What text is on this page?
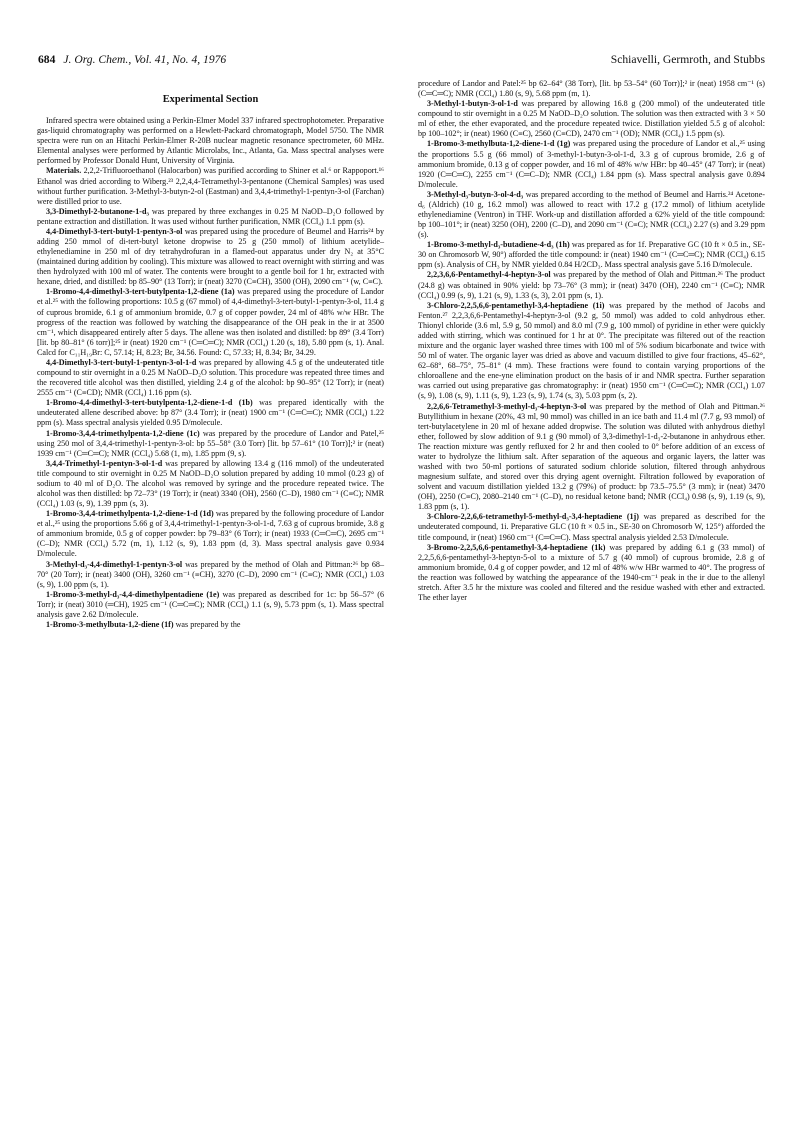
684 J. Org. Chem., Vol. 41, No. 4, 1976	Schiavelli, Germroth, and Stubbs
Experimental Section

Infrared spectra were obtained using a Perkin-Elmer Model 337 infrared spectrophotometer. Preparative gas-liquid chromatography was performed on a Hewlett-Packard chromatograph, Model 5750. The NMR spectra were run on an Hitachi Perkin-Elmer R-20B nuclear magnetic resonance spectrometer, 60 MHz. Elemental analyses were performed by Atlantic Microlabs, Inc., Atlanta, Ga. Mass spectral analyses were performed by Professor Donald Hunt, University of Virginia.

Materials. 2,2,2-Trifluoroethanol (Halocarbon) was purified according to Shiner et al.⁶ or Rappoport.¹⁶ Ethanol was dried according to Wiberg.²³ 2,2,4,4-Tetramethyl-3-pentanone (Chemical Samples) was used without further purification. 3-Methyl-3-butyn-2-ol (Eastman) and 3,4,4-trimethyl-1-pentyn-3-ol (Farchan) were distilled prior to use.

3,3-Dimethyl-2-butanone-1-d₃ was prepared by three exchanges in 0.25 M NaOD–D₂O followed by pentane extraction and distillation. It was used without further purification, NMR (CCl₄) 1.1 ppm (s).

4,4-Dimethyl-3-tert-butyl-1-pentyn-3-ol was prepared using the procedure of Beumel and Harris²⁴ by adding 250 mmol of di-tert-butyl ketone dropwise to 25 g (250 mmol) of lithium acetylide–ethylenediamine in 250 ml of dry tetrahydrofuran in a flamed-out apparatus under dry N₂ at 35°C (maintained during addition by cooling). This mixture was allowed to react overnight with stirring and was then hydrolyzed with 100 ml of water. The contents were brought to a gentle boil for 1 hr, extracted with hexane, dried, and distilled: bp 85–90° (13 Torr); ir (neat) 3270 (C≡CH), 3500 (OH), 2090 cm⁻¹ (w, C≡C).

1-Bromo-4,4-dimethyl-3-tert-butylpenta-1,2-diene (1a) was prepared using the procedure of Landor et al.²⁵ with the following proportions: 10.5 g (67 mmol) of 4,4-dimethyl-3-tert-butyl-1-pentyn-3-ol, 11.4 g of cuprous bromide, 6.1 g of ammonium bromide, 0.7 g of copper powder, 24 ml of 48% w/w HBr. The progress of the reaction was followed by watching the disappearance of the OH peak in the ir at 3500 cm⁻¹, which disappeared entirely after 5 days. The allene was then isolated and distilled: bp 89° (3.4 Torr) [lit. bp 80–81° (6 torr)];²⁵ ir (neat) 1920 cm⁻¹ (C═C═C); NMR (CCl₄) 1.20 (s, 18), 5.80 ppm (s, 1). Anal. Calcd for C₁₁H₁₉Br: C, 57.14; H, 8.23; Br, 34.56. Found: C, 57.33; H, 8.34; Br, 34.29.

4,4-Dimethyl-3-tert-butyl-1-pentyn-3-ol-1-d was prepared by allowing 4.5 g of the undeuterated title compound to stir overnight in a 0.25 M NaOD–D₂O solution. This procedure was repeated three times and the recovered title alcohol was then distilled, yielding 2.4 g of the alcohol: bp 90–95° (12 Torr); ir (neat) 2555 cm⁻¹ (C≡CD); NMR (CCl₄) 1.16 ppm (s).

1-Bromo-4,4-dimethyl-3-tert-butylpenta-1,2-diene-1-d (1b) was prepared identically with the undeuterated allene described above: bp 87° (3.4 Torr); ir (neat) 1900 cm⁻¹ (C═C═C); NMR (CCl₄) 1.22 ppm (s). Mass spectral analysis yielded 0.95 D/molecule.

1-Bromo-3,4,4-trimethylpenta-1,2-diene (1c) was prepared by the procedure of Landor and Patel,²⁵ using 250 mol of 3,4,4-trimethyl-1-pentyn-3-ol: bp 55–58° (3.0 Torr) [lit. bp 57–61° (10 Torr)];² ir (neat) 1939 cm⁻¹ (C═C═C); NMR (CCl₄) 5.68 (1, m), 1.85 ppm (9, s).

3,4,4-Trimethyl-1-pentyn-3-ol-1-d was prepared by allowing 13.4 g (116 mmol) of the undeuterated title compound to stir overnight in 0.25 M NaOD–D₂O solution prepared by adding 10 mmol (0.23 g) of sodium to 40 ml of D₂O. The alcohol was removed by syringe and the procedure repeated twice. The alcohol was then distilled: bp 72–73° (19 Torr); ir (neat) 3340 (OH), 2560 (C–D), 1980 cm⁻¹ (C≡C); NMR (CCl₄) 1.03 (s, 9), 1.39 ppm (s, 3).

1-Bromo-3,4,4-trimethylpenta-1,2-diene-1-d (1d) was prepared by the following procedure of Landor et al.,²⁵ using the proportions 5.66 g of 3,4,4-trimethyl-1-pentyn-3-ol-1-d, 7.63 g of cuprous bromide, 3.8 g of ammonium bromide, 0.5 g of copper powder: bp 79–83° (6 Torr); ir (neat) 1933 (C═C═C), 2695 cm⁻¹ (C–D); NMR (CCl₄) 5.72 (m, 1), 1.12 (s, 9), 1.83 ppm (d, 3). Mass spectral analysis gave 0.934 D/molecule.

3-Methyl-d₃-4,4-dimethyl-1-pentyn-3-ol was prepared by the method of Olah and Pittman:²⁶ bp 68–70° (20 Torr); ir (neat) 3400 (OH), 3260 cm⁻¹ (≡CH), 3270 (C–D), 2090 cm⁻¹ (C≡C); NMR (CCl₄) 1.03 (s, 9), 1.00 ppm (s, 1).

1-Bromo-3-methyl-d₃-4,4-dimethylpentadiene (1e) was prepared as described for 1c: bp 56–57° (6 Torr); ir (neat) 3010 (═CH), 1925 cm⁻¹ (C═C═C); NMR (CCl₄) 1.1 (s, 9), 5.73 ppm (s, 1). Mass spectral analysis gave 2.62 D/molecule.

1-Bromo-3-methylbuta-1,2-diene (1f) was prepared by the

procedure of Landor and Patel:²⁵ bp 62–64° (38 Torr), [lit. bp 53–54° (60 Torr)];² ir (neat) 1958 cm⁻¹ (s) (C═C═C); NMR (CCl₄) 1.80 (s, 9), 5.68 ppm (m, 1).

3-Methyl-1-butyn-3-ol-1-d was prepared by allowing 16.8 g (200 mmol) of the undeuterated title compound to stir overnight in a 0.25 M NaOD–D₂O solution. The solution was then extracted with 3 × 50 ml of ether, the ether evaporated, and the procedure repeated twice. Distillation yielded 5.5 g of alcohol: bp 100–102°; ir (neat) 1960 (C≡C), 2560 (C≡CD), 2470 cm⁻¹ (OD); NMR (CCl₄) 1.5 ppm (s).

1-Bromo-3-methylbuta-1,2-diene-1-d (1g) was prepared using the procedure of Landor et al.,²⁵ using the proportions 5.5 g (66 mmol) of 3-methyl-1-butyn-3-ol-1-d, 3.3 g of cuprous bromide, 2.6 g of ammonium bromide, 0.13 g of copper powder, and 16 ml of 48% w/w HBr: bp 40–45° (47 Torr); ir (neat) 1920 (C═C═C), 2255 cm⁻¹ (C═C–D); NMR (CCl₄) 1.84 ppm (s). Mass spectral analysis gave 0.894 D/molecule.

3-Methyl-d₃-butyn-3-ol-4-d₃ was prepared according to the method of Beumel and Harris.²⁴ Acetone-d₆ (Aldrich) (10 g, 16.2 mmol) was allowed to react with 17.2 g (17.2 mmol) of lithium acetylide ethylenediamine (Ventron) in THF. Work-up and distillation afforded a 62% yield of the title compound: bp 100–101°; ir (neat) 3250 (OH), 2200 (C–D), and 2090 cm⁻¹ (C≡C); NMR (CCl₄) 2.27 (s) and 3.29 ppm (s).

1-Bromo-3-methyl-d₃-butadiene-4-d₃ (1h) was prepared as for 1f. Preparative GC (10 ft × 0.5 in., SE-30 on Chromosorb W, 90°) afforded the title compound: ir (neat) 1940 cm⁻¹ (C═C═C); NMR (CCl₄) 6.15 ppm (s). Analysis of CH₃ by NMR yielded 0.84 H/2CD₃. Mass spectral analysis gave 5.16 D/molecule.

2,2,3,6,6-Pentamethyl-4-heptyn-3-ol was prepared by the method of Olah and Pittman.²⁶ The product (24.8 g) was obtained in 90% yield: bp 73–76° (3 mm); ir (neat) 3470 (OH), 2240 cm⁻¹ (C≡C); NMR (CCl₄) 0.99 (s, 9), 1.21 (s, 9), 1.33 (s, 3), 2.01 ppm (s, 1).

3-Chloro-2,2,5,6,6-pentamethyl-3,4-heptadiene (1i) was prepared by the method of Jacobs and Fenton.²⁷ 2,2,3,6,6-Pentamethyl-4-heptyn-3-ol (9.2 g, 50 mmol) was added to cold anhydrous ether. Thionyl chloride (3.6 ml, 5.9 g, 50 mmol) and 8.0 ml (7.9 g, 100 mmol) of pyridine in ether were quickly added with stirring, which was continued for 1 hr at 0°. The precipitate was filtered out of the reaction mixture and the organic layer washed three times with 100 ml of 5% sodium bicarbonate and twice with 50 ml of water. The organic layer was dried as above and vacuum distilled to give four fractions, 45–62°, 62–68°, 68–75°, 75–81° (4 mm). These fractions were found to contain varying proportions of the chloroallene and the ene-yne elimination product on the basis of ir and NMR spectra. Further separation was carried out using preparative gas chromatography: ir (neat) 1950 cm⁻¹ (C═C═C); NMR (CCl₄) 1.07 (s, 9), 1.08 (s, 9), 1.11 (s, 9), 1.23 (s, 9), 1.74 (s, 3), 5.03 ppm (s, 2).

2,2,6,6-Tetramethyl-3-methyl-d₃-4-heptyn-3-ol was prepared by the method of Olah and Pittman.²⁶ Butyllithium in hexane (20%, 43 ml, 90 mmol) was chilled in an ice bath and 11.4 ml (7.7 g, 93 mmol) of tert-butylacetylene in 20 ml of hexane added dropwise. The solution was diluted with anhydrous diethyl ether, followed by slow addition of 9.1 g (90 mmol) of 3,3-dimethyl-1-d₃-2-butanone in anhydrous ether. The reaction mixture was gently refluxed for 2 hr and then cooled to 0° before addition of an excess of water to hydrolyze the lithium salt. After separation of the aqueous and organic layers, the latter was washed with two 50-ml portions of saturated sodium chloride solution, filtered through anhydrous magnesium sulfate, and stored over this drying agent overnight. Filtration followed by evaporation of solvent and vacuum distillation yielded 13.2 g (79%) of product: bp 73.5–75.5° (3 mm); ir (neat) 3470 (OH), 2250 (C≡C), 2080–2140 cm⁻¹ (C–D), no residual ketone band; NMR (CCl₄) 0.98 (s, 9), 1.19 (s, 9), 1.83 ppm (s, 1).

3-Chloro-2,2,6,6-tetramethyl-5-methyl-d₃-3,4-heptadiene (1j) was prepared as described for the undeuterated compound, 1i. Preparative GLC (10 ft × 0.5 in., SE-30 on Chromosorb W, 125°) afforded the title compound, ir (neat) 1960 cm⁻¹ (C═C═C). Mass spectral analysis yielded 2.53 D/molecule.

3-Bromo-2,2,5,6,6-pentamethyl-3,4-heptadiene (1k) was prepared by adding 6.1 g (33 mmol) of 2,2,5,6,6-pentamethyl-3-heptyn-5-ol to a mixture of 5.7 g (40 mmol) of cuprous bromide, 2.8 g of ammonium bromide, 0.4 g of copper powder, and 12 ml of 48% w/w HBr warmed to 40°. The progress of the reaction was followed by watching the appearance of the 1940-cm⁻¹ peak in the ir due to the allenyl stretch. After 3.5 hr the mixture was cooled and filtered and the residue washed with ether and extracted. The ether layer
